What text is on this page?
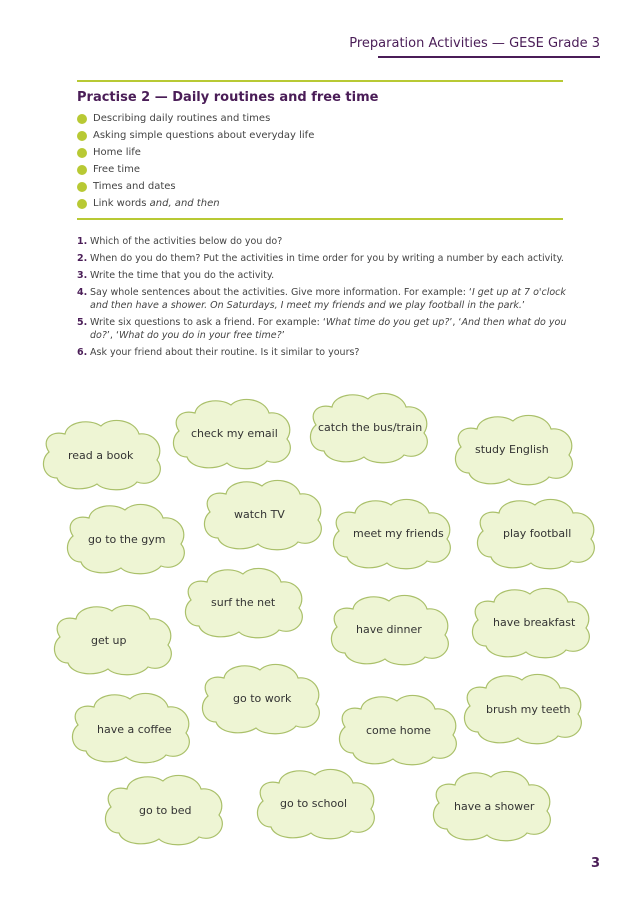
Preparation Activities — GESE Grade 3
Practise 2 — Daily routines and free time
Describing daily routines and times
Asking simple questions about everyday life
Home life
Free time
Times and dates
Link words and, and then
1. Which of the activities below do you do?
2. When do you do them? Put the activities in time order for you by writing a number by each activity.
3. Write the time that you do the activity.
4. Say whole sentences about the activities. Give more information. For example: ‘I get up at 7 o'clock and then have a shower. On Saturdays, I meet my friends and we play football in the park.’
5. Write six questions to ask a friend. For example: ‘What time do you get up?’, ‘And then what do you do?’, ‘What do you do in your free time?’
6. Ask your friend about their routine. Is it similar to yours?
check my email	catch the bus/train
read a book	study English
watch TV
go to the gym	meet my friends	play football
surf the net
have breakfast
get up
have dinner
go to work
brush my teeth
have a coffee	come home
go to school
go to bed	have a shower
3
